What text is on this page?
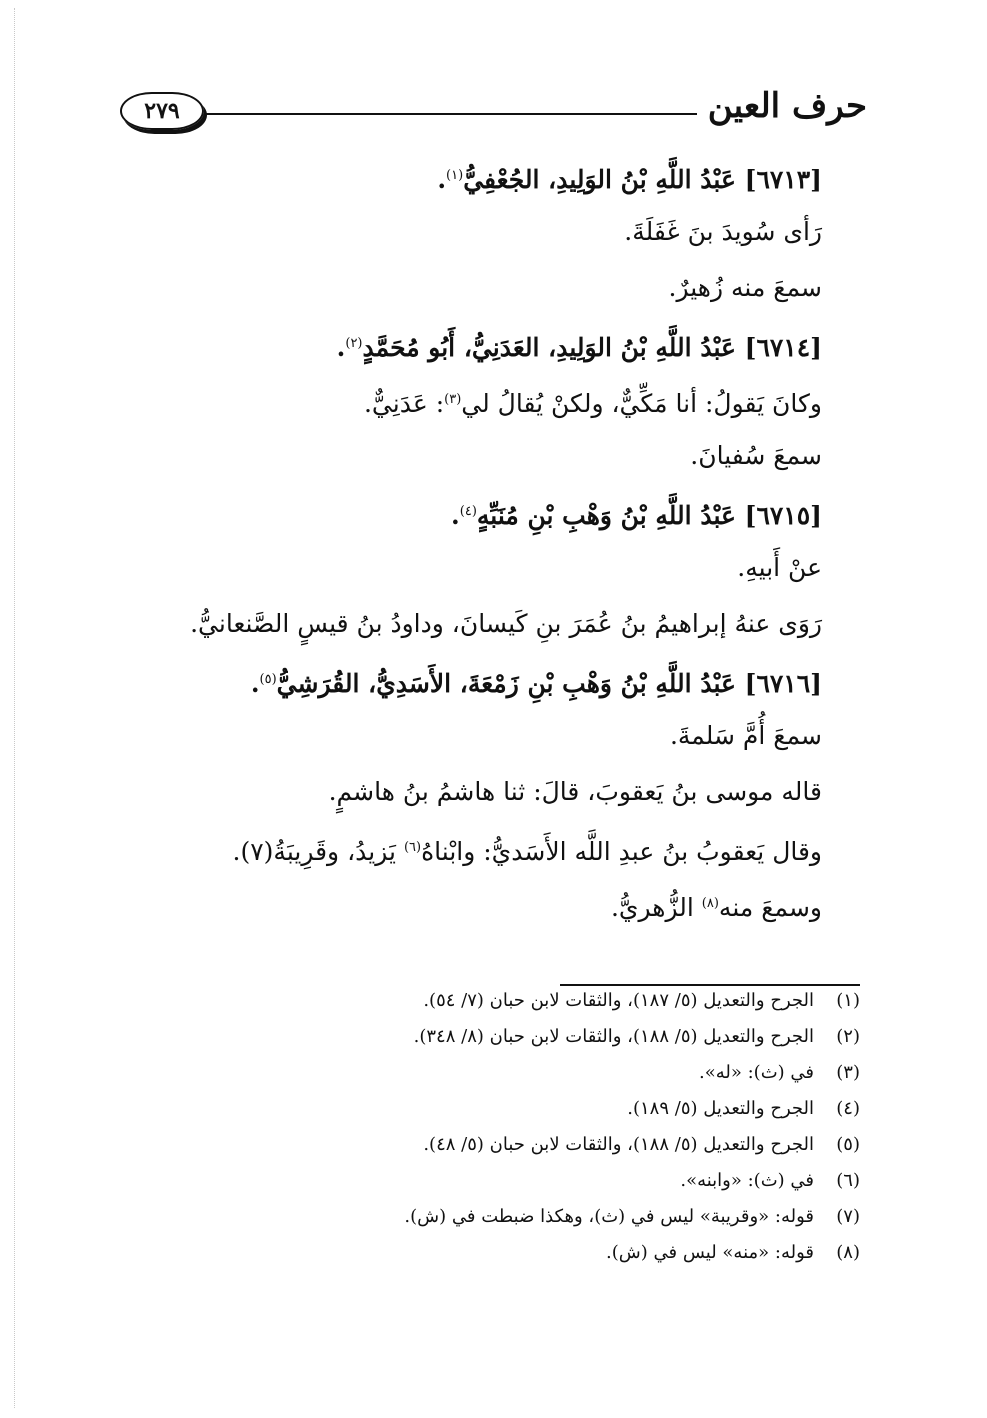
حرف العين
٢٧٩
[٦٧١٣] عَبْدُ اللَّهِ بْنُ الوَلِيدِ، الجُعْفِيُّ$^{(١)}$.
رَأى سُويدَ بنَ غَفَلَةَ.
سمعَ منه زُهيرٌ.
[٦٧١٤] عَبْدُ اللَّهِ بْنُ الوَلِيدِ، العَدَنِيُّ، أَبُو مُحَمَّدٍ$^{(٢)}$.
وكانَ يَقولُ: أنا مَكِّيٌّ، ولكنْ يُقالُ لي$^{(٣)}$: عَدَنِيٌّ.
سمعَ سُفيانَ.
[٦٧١٥] عَبْدُ اللَّهِ بْنُ وَهْبِ بْنِ مُنَبِّهٍ$^{(٤)}$.
عنْ أَبيهِ.
رَوَى عنهُ إبراهيمُ بنُ عُمَرَ بنِ كَيسانَ، وداودُ بنُ قيسٍ الصَّنعانيُّ.
[٦٧١٦] عَبْدُ اللَّهِ بْنُ وَهْبِ بْنِ زَمْعَةَ، الأَسَدِيُّ، القُرَشِيُّ$^{(٥)}$.
سمعَ أُمَّ سَلمةَ.
قاله موسى بنُ يَعقوبَ، قالَ: ثنا هاشمُ بنُ هاشمٍ.
وقال يَعقوبُ بنُ عبدِ اللَّه الأَسَديُّ: وابْناهُ$^{(٦)}$ يَزيدُ، وقَرِيبَةُ(٧).
وسمعَ منه$^{(٨)}$ الزُّهريُّ.
(١)الجرح والتعديل (٥/ ١٨٧)، والثقات لابن حبان (٧/ ٥٤).
(٢)الجرح والتعديل (٥/ ١٨٨)، والثقات لابن حبان (٨/ ٣٤٨).
(٣)في (ث): «له».
(٤)الجرح والتعديل (٥/ ١٨٩).
(٥)الجرح والتعديل (٥/ ١٨٨)، والثقات لابن حبان (٥/ ٤٨).
(٦)في (ث): «وابنه».
(٧)قوله: «وقريبة» ليس في (ث)، وهكذا ضبطت في (ش).
(٨)قوله: «منه» ليس في (ش).
